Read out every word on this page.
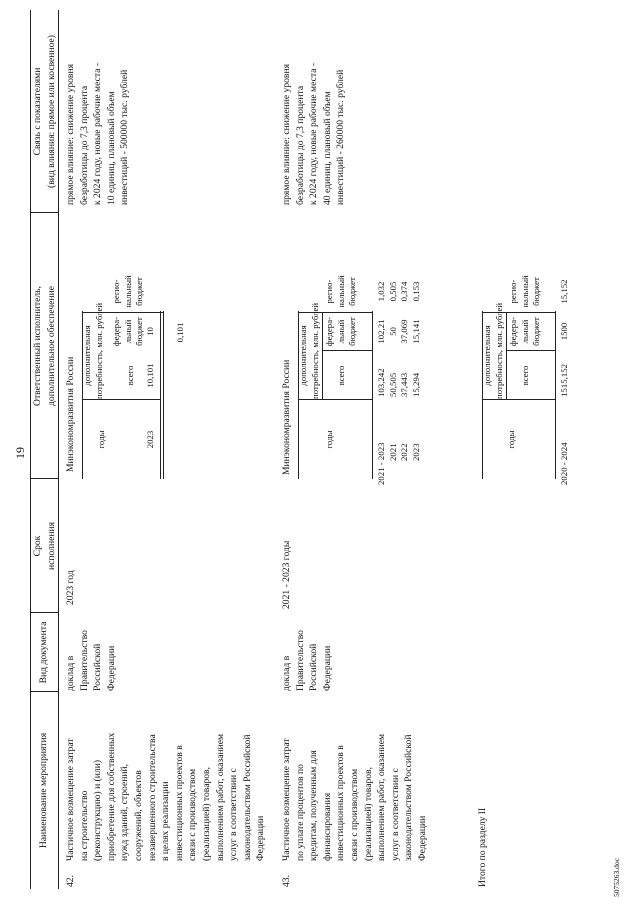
19
Наименование мероприятия
Вид документа
Срок исполнения
Ответственный исполнитель, дополнительное обеспечение
Связь с показателями (вид влияния: прямое или косвенное)
42.
Частичное возмещение затрат на строительство (реконструкцию) и (или) приобретение для собственных нужд зданий, строений, сооружений, объектов незавершенного строительства в целях реализации инвестиционных проектов в связи с производством (реализацией) товаров, выполнением работ, оказанием услуг в соответствии с законодательством Российской Федерации
доклад в Правительство Российской Федерации
2023 год
Минэкономразвития России
прямое влияние: снижение уровня безработицы до 7,3 процента к 2024 году, новые рабочие места - 10 единиц, плановый объем инвестиций - 500000 тыс. рублей
годы
дополнительная потребность, млн. рублей	всего
федера- льный бюджет
2023
10,101
10 0,101
43.
Частичное возмещение затрат по уплате процентов по кредитам, полученным для финансирования инвестиционных проектов в связи с производством (реализацией) товаров, выполнением работ, оказанием услуг в соответствии с законодательством Российской Федерации
доклад в Правительство Российской Федерации
2021 - 2023 годы
Минэкономразвития России
прямое влияние: снижение уровня безработицы до 7,3 процента к 2024 году, новые рабочие места - 40 единиц, плановый объем инвестиций - 260000 тыс. рублей
годы
дополнительная потребность, млн. рублей	всего
федера- льный бюджет
2021 - 2023 2021 2022 2023
103,242 50,505 37,443 15,294
102,21 50 37,069 15,141
1,032 0,505 0,374 0,153
регио- нальный бюджет
регио- нальный бюджет
Итого по разделу II
годы
дополнительная потребность, млн. рублей всего
федера- льный бюджет
регио- нальный бюджет
2020 - 2024
1515,152
1500
15,152
5075263.doc
